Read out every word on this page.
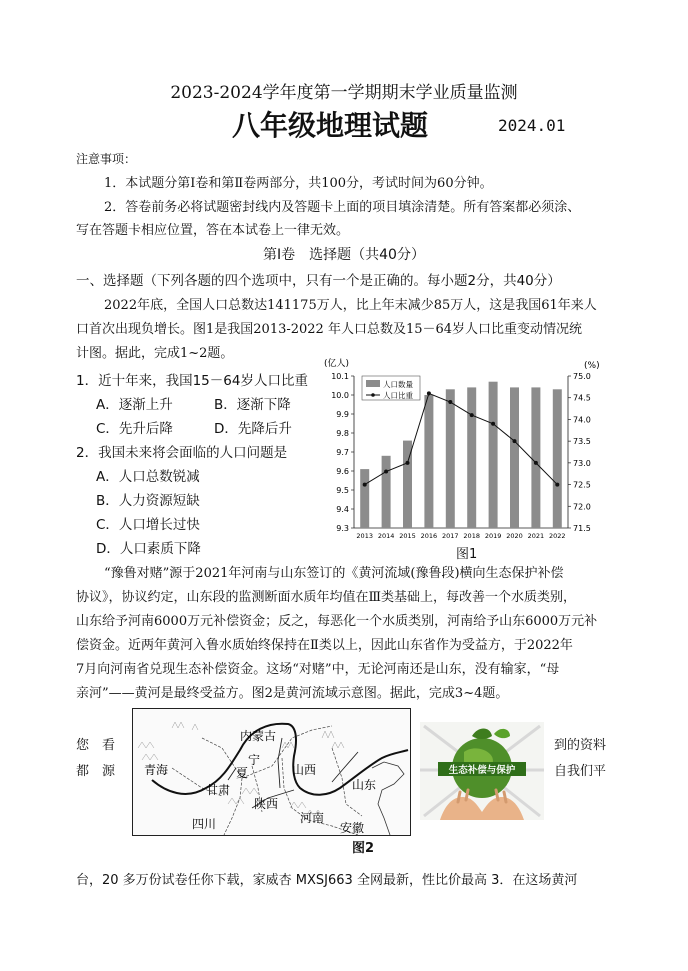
2023-2024学年度第一学期期末学业质量监测
八年级地理试题	2024.01
注意事项：
1．本试题分第Ⅰ卷和第Ⅱ卷两部分，共100分，考试时间为60分钟。
2．答卷前务必将试题密封线内及答题卡上面的项目填涂清楚。所有答案都必须涂、
写在答题卡相应位置，答在本试卷上一律无效。
第Ⅰ卷　选择题（共40分）
一、选择题（下列各题的四个选项中，只有一个是正确的。每小题2分，共40分）
2022年底，全国人口总数达141175万人，比上年末减少85万人，这是我国61年来人
口首次出现负增长。图1是我国2013-2022 年人口总数及15－64岁人口比重变动情况统
计图。据此，完成1~2题。
1．近十年来，我国15－64岁人口比重
A．逐渐上升	B．逐渐下降
C．先升后降	D．先降后升
2．我国未来将会面临的人口问题是
A．人口总数锐减
B．人力资源短缺
C．人口增长过快
D．人口素质下降
(亿人)	(%)
9.3
9.4
9.5
9.6
9.7
9.8
9.9
10.0
10.1
71.5
72.0
72.5
73.0
73.5
74.0
74.5
75.0
2013 2014 2015 2016 2017 2018 2019 2020 2021 2022
人口数量
人口比重
图1
“豫鲁对赌”源于2021年河南与山东签订的《黄河流域(豫鲁段)横向生态保护补偿
协议》，协议约定，山东段的监测断面水质年均值在Ⅲ类基础上，每改善一个水质类别，
山东给予河南6000万元补偿资金；反之，每恶化一个水质类别，河南给予山东6000万元补
偿资金。近两年黄河入鲁水质始终保持在Ⅱ类以上，因此山东省作为受益方，于2022年
7月向河南省兑现生态补偿资金。这场“对赌”中，无论河南还是山东，没有输家，“母
亲河”——黄河是最终受益方。图2是黄河流域示意图。据此，完成3~4题。
您　看
都　源
到的资料
自我们平
内蒙古
宁
夏
青海
甘肃
陕西
山西
河南
山东
四川	安徽
图2
生态补偿与保护
台，20 多万份试卷任你下载，家威杏 MXSJ663 全网最新，性比价最高 3．在这场黄河
